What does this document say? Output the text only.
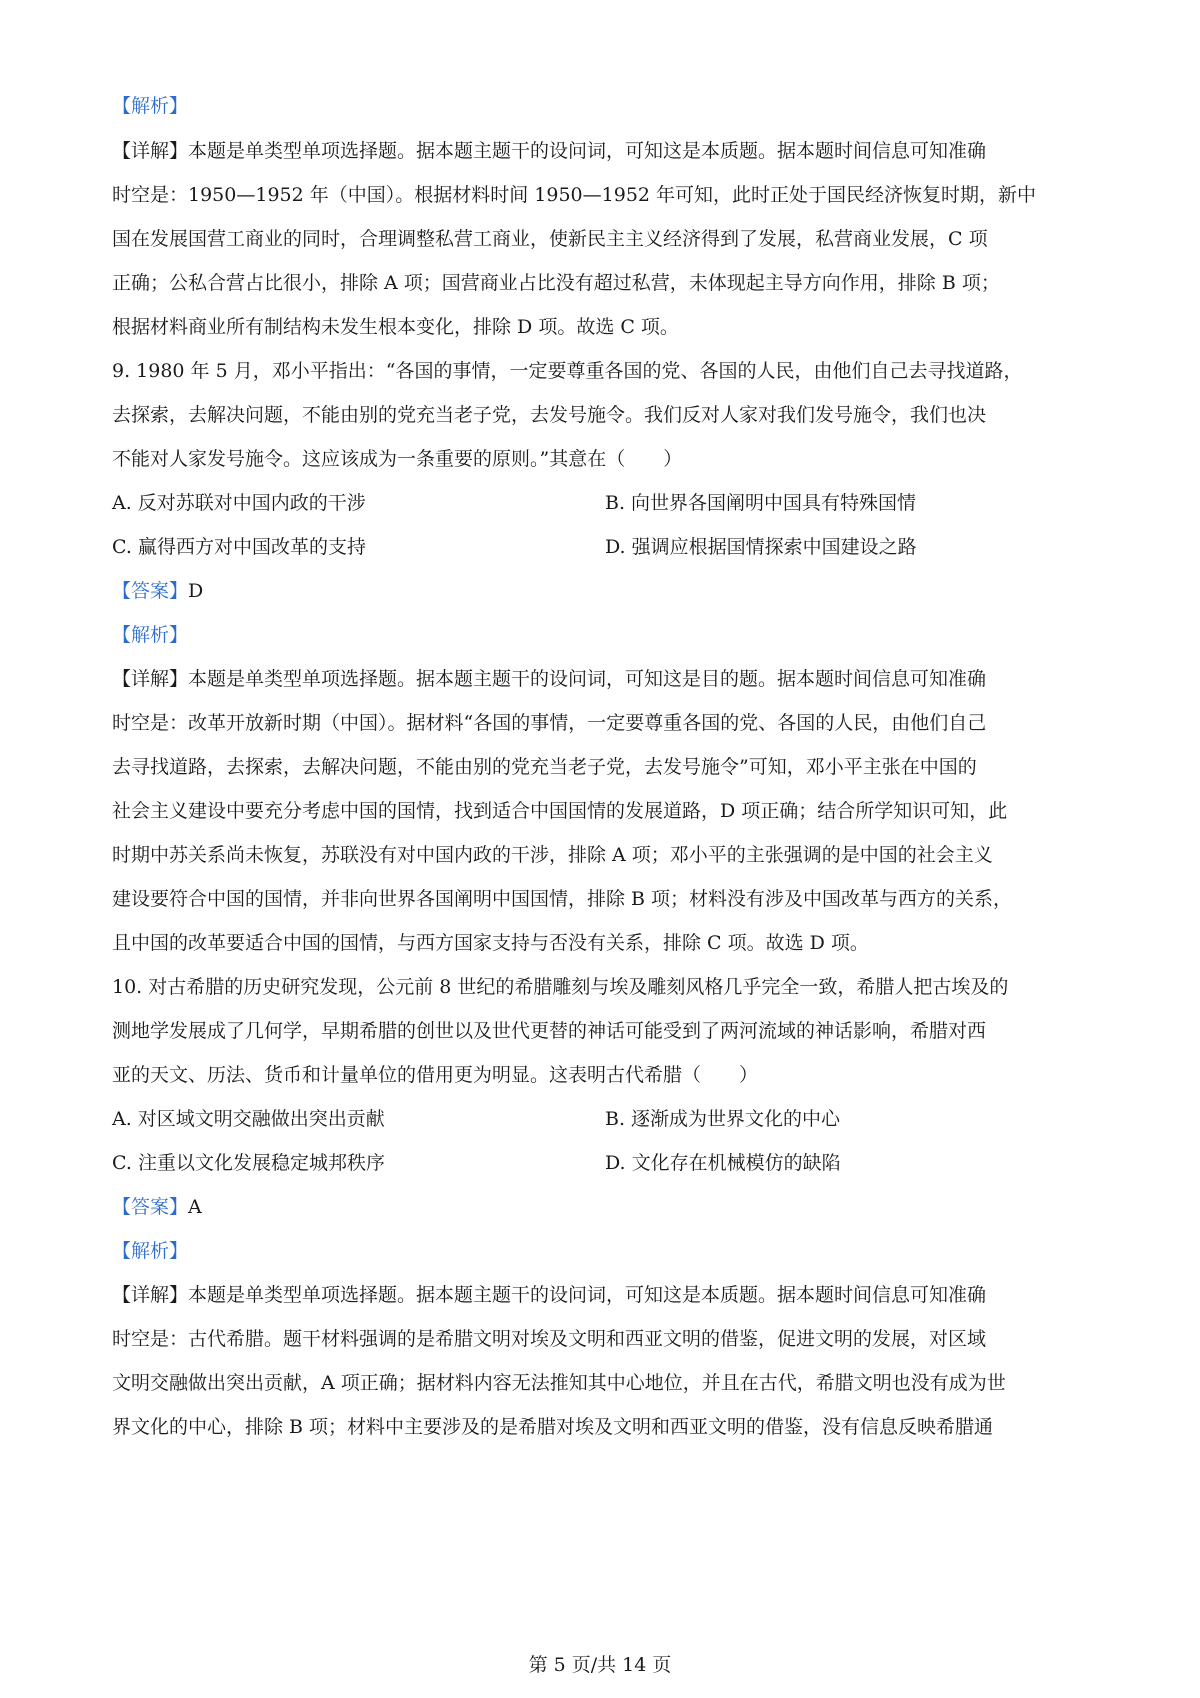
【解析】
【详解】本题是单类型单项选择题。据本题主题干的设问词，可知这是本质题。据本题时间信息可知准确
时空是：1950—1952 年（中国）。根据材料时间 1950—1952 年可知，此时正处于国民经济恢复时期，新中
国在发展国营工商业的同时，合理调整私营工商业，使新民主主义经济得到了发展，私营商业发展，C 项
正确；公私合营占比很小，排除 A 项；国营商业占比没有超过私营，未体现起主导方向作用，排除 B 项；
根据材料商业所有制结构未发生根本变化，排除 D 项。故选 C 项。
9. 1980 年 5 月，邓小平指出：“各国的事情，一定要尊重各国的党、各国的人民，由他们自己去寻找道路，
去探索，去解决问题，不能由别的党充当老子党，去发号施令。我们反对人家对我们发号施令，我们也决
不能对人家发号施令。这应该成为一条重要的原则。”其意在（　　）
A. 反对苏联对中国内政的干涉	B. 向世界各国阐明中国具有特殊国情
C. 赢得西方对中国改革的支持	D. 强调应根据国情探索中国建设之路
【答案】D
【解析】
【详解】本题是单类型单项选择题。据本题主题干的设问词，可知这是目的题。据本题时间信息可知准确
时空是：改革开放新时期（中国）。据材料“各国的事情，一定要尊重各国的党、各国的人民，由他们自己
去寻找道路，去探索，去解决问题，不能由别的党充当老子党，去发号施令”可知，邓小平主张在中国的
社会主义建设中要充分考虑中国的国情，找到适合中国国情的发展道路，D 项正确；结合所学知识可知，此
时期中苏关系尚未恢复，苏联没有对中国内政的干涉，排除 A 项；邓小平的主张强调的是中国的社会主义
建设要符合中国的国情，并非向世界各国阐明中国国情，排除 B 项；材料没有涉及中国改革与西方的关系，
且中国的改革要适合中国的国情，与西方国家支持与否没有关系，排除 C 项。故选 D 项。
10. 对古希腊的历史研究发现，公元前 8 世纪的希腊雕刻与埃及雕刻风格几乎完全一致，希腊人把古埃及的
测地学发展成了几何学，早期希腊的创世以及世代更替的神话可能受到了两河流域的神话影响，希腊对西
亚的天文、历法、货币和计量单位的借用更为明显。这表明古代希腊（　　）
A. 对区域文明交融做出突出贡献	B. 逐渐成为世界文化的中心
C. 注重以文化发展稳定城邦秩序	D. 文化存在机械模仿的缺陷
【答案】A
【解析】
【详解】本题是单类型单项选择题。据本题主题干的设问词，可知这是本质题。据本题时间信息可知准确
时空是：古代希腊。题干材料强调的是希腊文明对埃及文明和西亚文明的借鉴，促进文明的发展，对区域
文明交融做出突出贡献，A 项正确；据材料内容无法推知其中心地位，并且在古代，希腊文明也没有成为世
界文化的中心，排除 B 项；材料中主要涉及的是希腊对埃及文明和西亚文明的借鉴，没有信息反映希腊通
第 5 页/共 14 页
